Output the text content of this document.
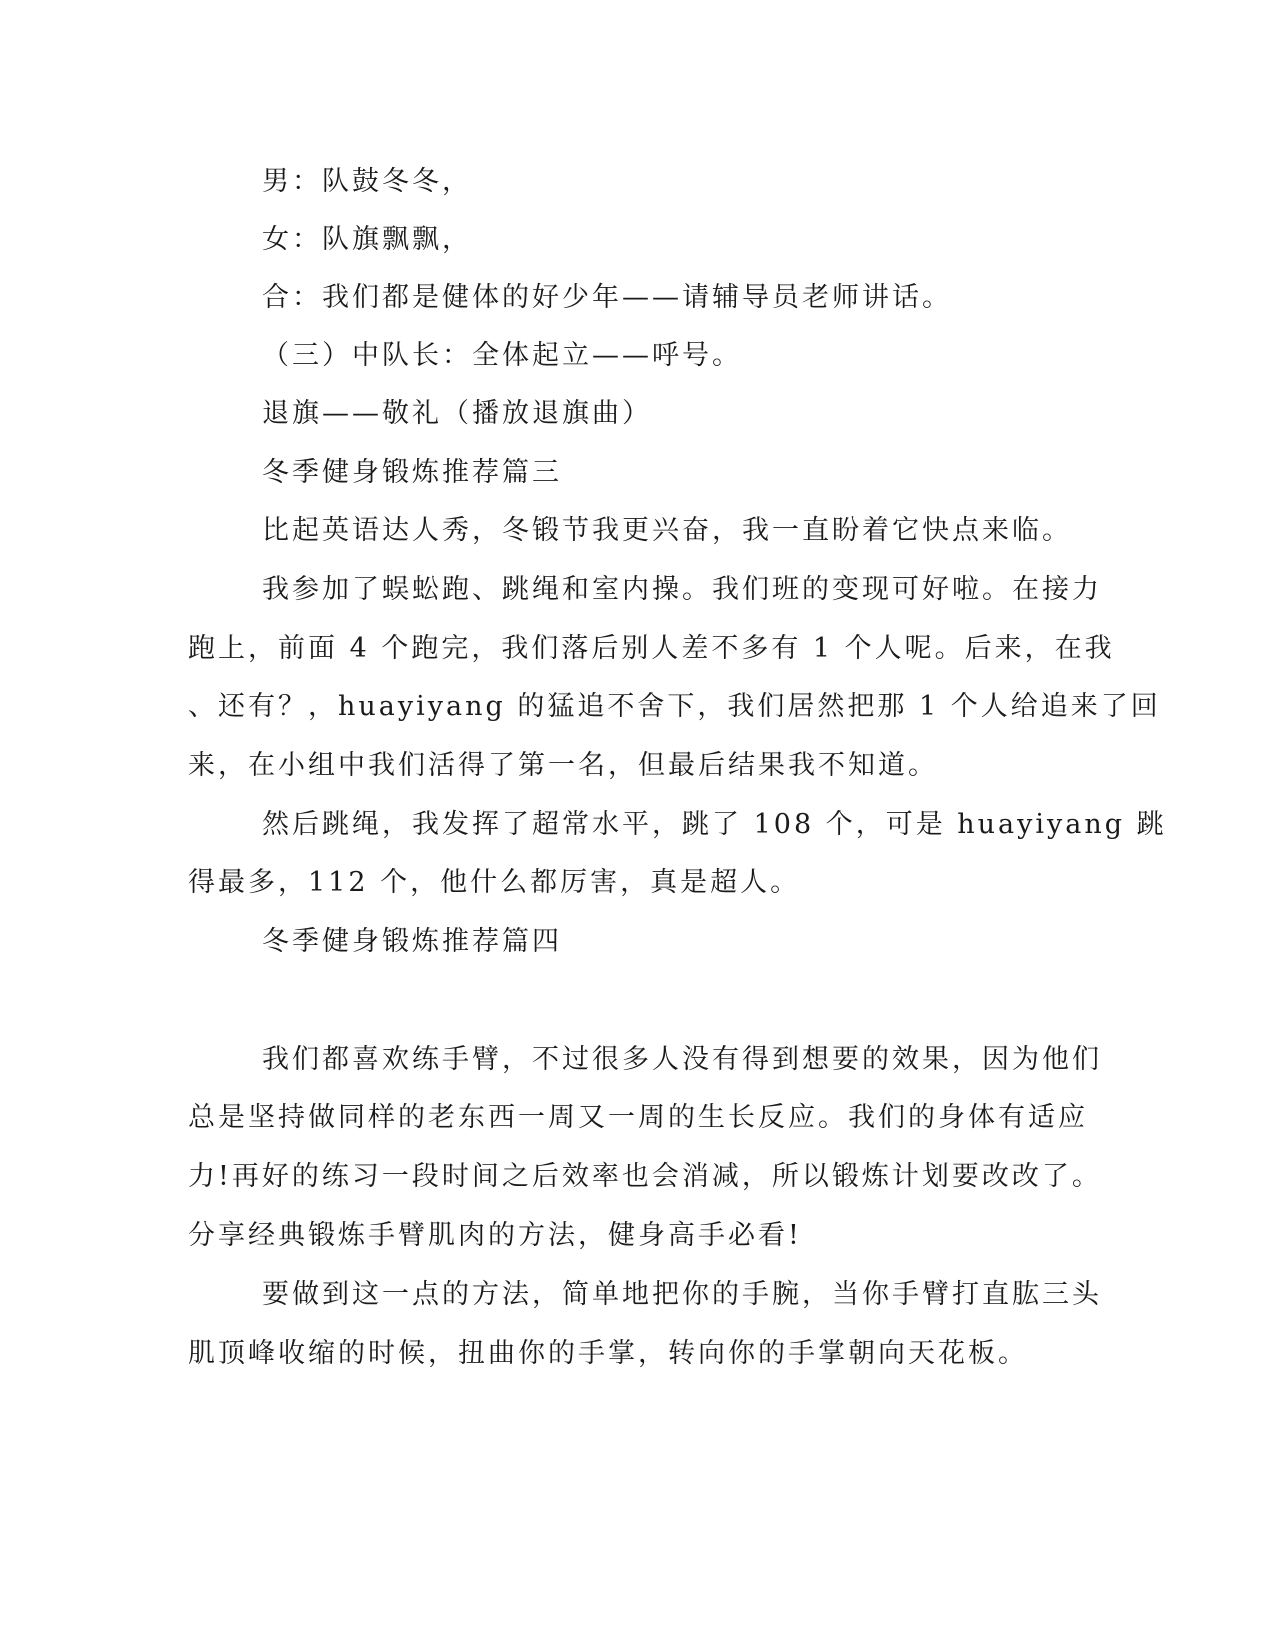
男：队鼓冬冬，
女：队旗飘飘，
合：我们都是健体的好少年——请辅导员老师讲话。
（三）中队长：全体起立——呼号。
退旗——敬礼（播放退旗曲）
冬季健身锻炼推荐篇三
比起英语达人秀，冬锻节我更兴奋，我一直盼着它快点来临。
我参加了蜈蚣跑、跳绳和室内操。我们班的变现可好啦。在接力
跑上，前面 4 个跑完，我们落后别人差不多有 1 个人呢。后来，在我
、还有？，huayiyang 的猛追不舍下，我们居然把那 1 个人给追来了回
来，在小组中我们活得了第一名，但最后结果我不知道。
然后跳绳，我发挥了超常水平，跳了 108 个，可是 huayiyang 跳
得最多，112 个，他什么都厉害，真是超人。
冬季健身锻炼推荐篇四
我们都喜欢练手臂，不过很多人没有得到想要的效果，因为他们
总是坚持做同样的老东西一周又一周的生长反应。我们的身体有适应
力!再好的练习一段时间之后效率也会消减，所以锻炼计划要改改了。
分享经典锻炼手臂肌肉的方法，健身高手必看!
要做到这一点的方法，简单地把你的手腕，当你手臂打直肱三头
肌顶峰收缩的时候，扭曲你的手掌，转向你的手掌朝向天花板。
